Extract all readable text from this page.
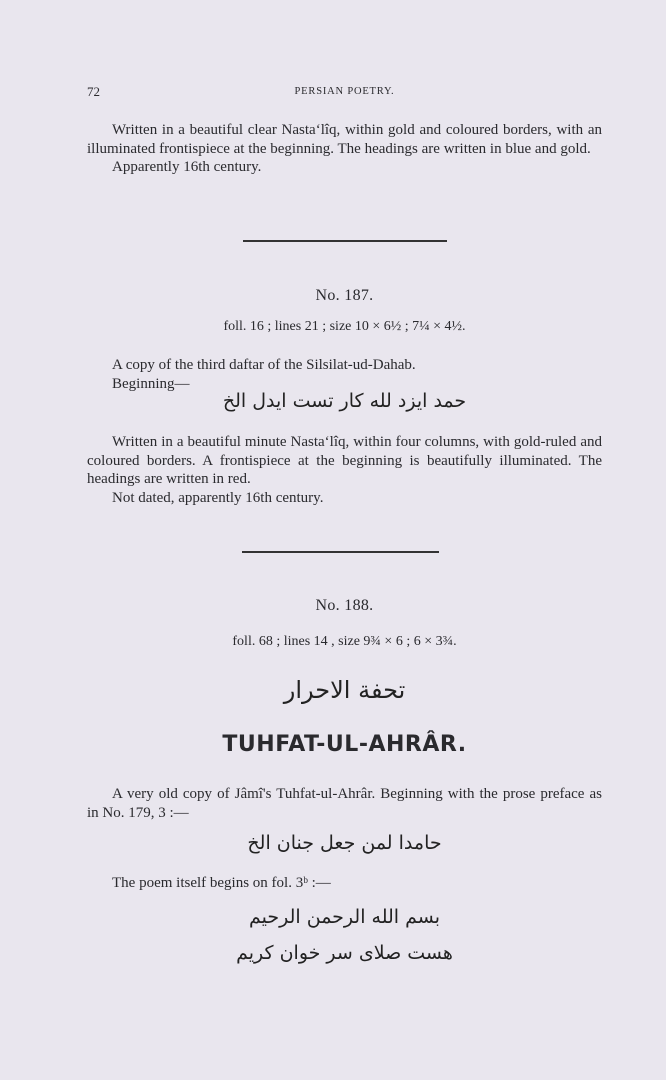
72	PERSIAN POETRY.

Written in a beautiful clear Nasta‘lîq, within gold and coloured borders, with an illuminated frontispiece at the beginning. The headings are written in blue and gold.

Apparently 16th century.

No. 187.
foll. 16 ; lines 21 ; size 10 × 6½ ; 7¼ × 4½.

A copy of the third daftar of the Silsilat-ud-Dahab.

Beginning—

حمد ایزد لله کار تست ایدل الخ

Written in a beautiful minute Nasta‘lîq, within four columns, with gold-ruled and coloured borders. A frontispiece at the beginning is beautifully illuminated. The headings are written in red.

Not dated, apparently 16th century.

No. 188.
foll. 68 ; lines 14 , size 9¾ × 6 ; 6 × 3¾.
تحفة الاحرار
TUHFAT-UL-AHRÂR.

A very old copy of Jâmî's Tuhfat-ul-Ahrâr. Beginning with the prose preface as in No. 179, 3 :—

حامدا لمن جعل جنان الخ

The poem itself begins on fol. 3ᵇ :—

بسم الله الرحمن الرحیم
هست صلای سر خوان کریم
